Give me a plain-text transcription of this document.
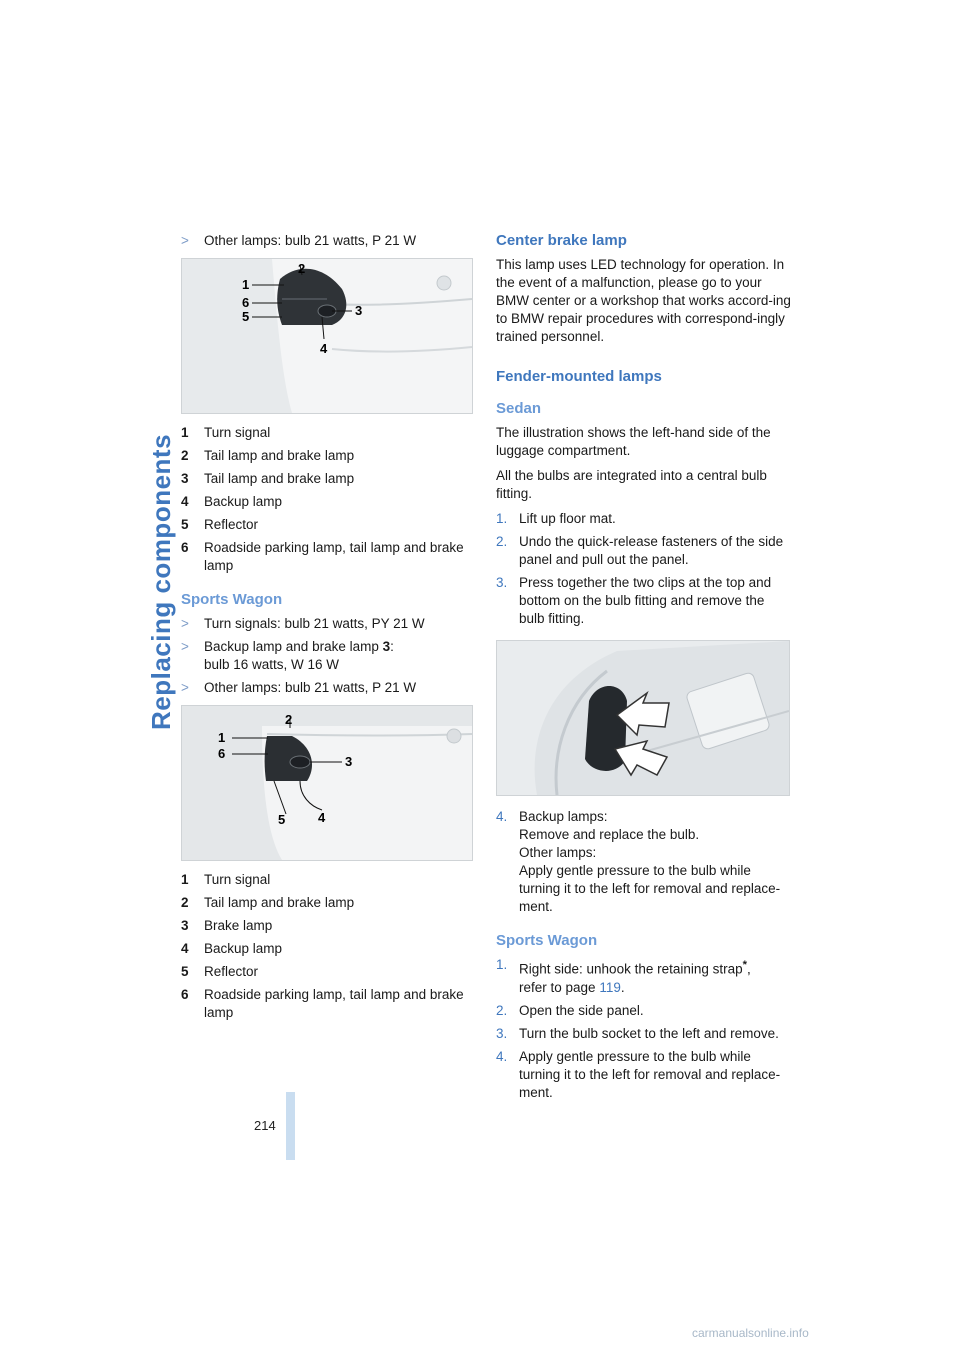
Replacing components
214
> Other lamps: bulb 21 watts, P 21 W
1
2
3
4
5
6
1 Turn signal
2 Tail lamp and brake lamp
3 Tail lamp and brake lamp
4 Backup lamp
5 Reflector
6 Roadside parking lamp, tail lamp and brake lamp
Sports Wagon
> Turn signals: bulb 21 watts, PY 21 W
> Backup lamp and brake lamp 3:
bulb 16 watts, W 16 W
> Other lamps: bulb 21 watts, P 21 W
1
2
3
4
5
6
1 Turn signal
2 Tail lamp and brake lamp
3 Brake lamp
4 Backup lamp
5 Reflector
6 Roadside parking lamp, tail lamp and brake lamp
Center brake lamp
This lamp uses LED technology for operation. In the event of a malfunction, please go to your BMW center or a workshop that works accord-ing to BMW repair procedures with correspond-ingly trained personnel.
Fender-mounted lamps
Sedan
The illustration shows the left-hand side of the luggage compartment.
All the bulbs are integrated into a central bulb fitting.
1. Lift up floor mat.
2. Undo the quick-release fasteners of the side panel and pull out the panel.
3. Press together the two clips at the top and bottom on the bulb fitting and remove the bulb fitting.
4. Backup lamps:
Remove and replace the bulb.
Other lamps:
Apply gentle pressure to the bulb while turning it to the left for removal and replace-ment.
Sports Wagon
1. Right side: unhook the retaining strap*,
refer to page 119.
2. Open the side panel.
3. Turn the bulb socket to the left and remove.
4. Apply gentle pressure to the bulb while turning it to the left for removal and replace-ment.
carmanualsonline.info
